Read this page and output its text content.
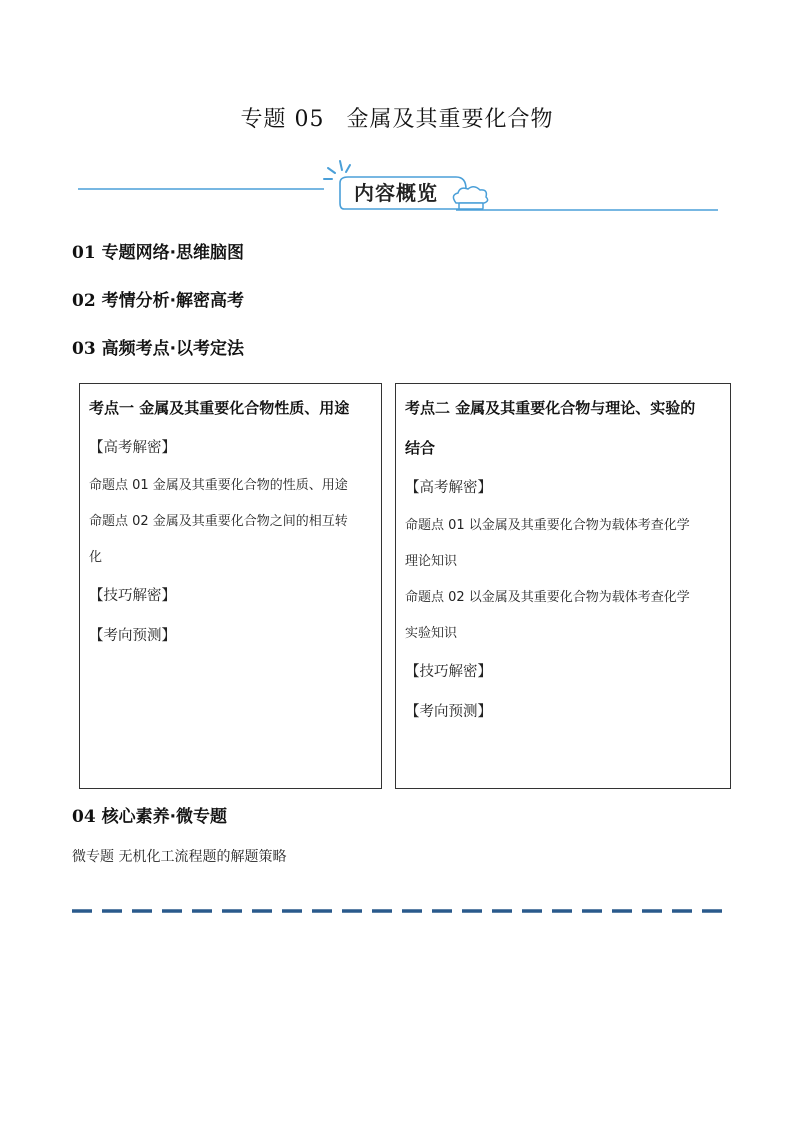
专题 05 金属及其重要化合物
内容概览
01 专题网络·思维脑图
02 考情分析·解密高考
03 高频考点·以考定法
考点一 金属及其重要化合物性质、用途
【高考解密】
命题点 01 金属及其重要化合物的性质、用途
命题点 02 金属及其重要化合物之间的相互转
化
【技巧解密】
【考向预测】
考点二 金属及其重要化合物与理论、实验的
结合
【高考解密】
命题点 01 以金属及其重要化合物为载体考查化学
理论知识
命题点 02 以金属及其重要化合物为载体考查化学
实验知识
【技巧解密】
【考向预测】
04 核心素养·微专题
微专题 无机化工流程题的解题策略
